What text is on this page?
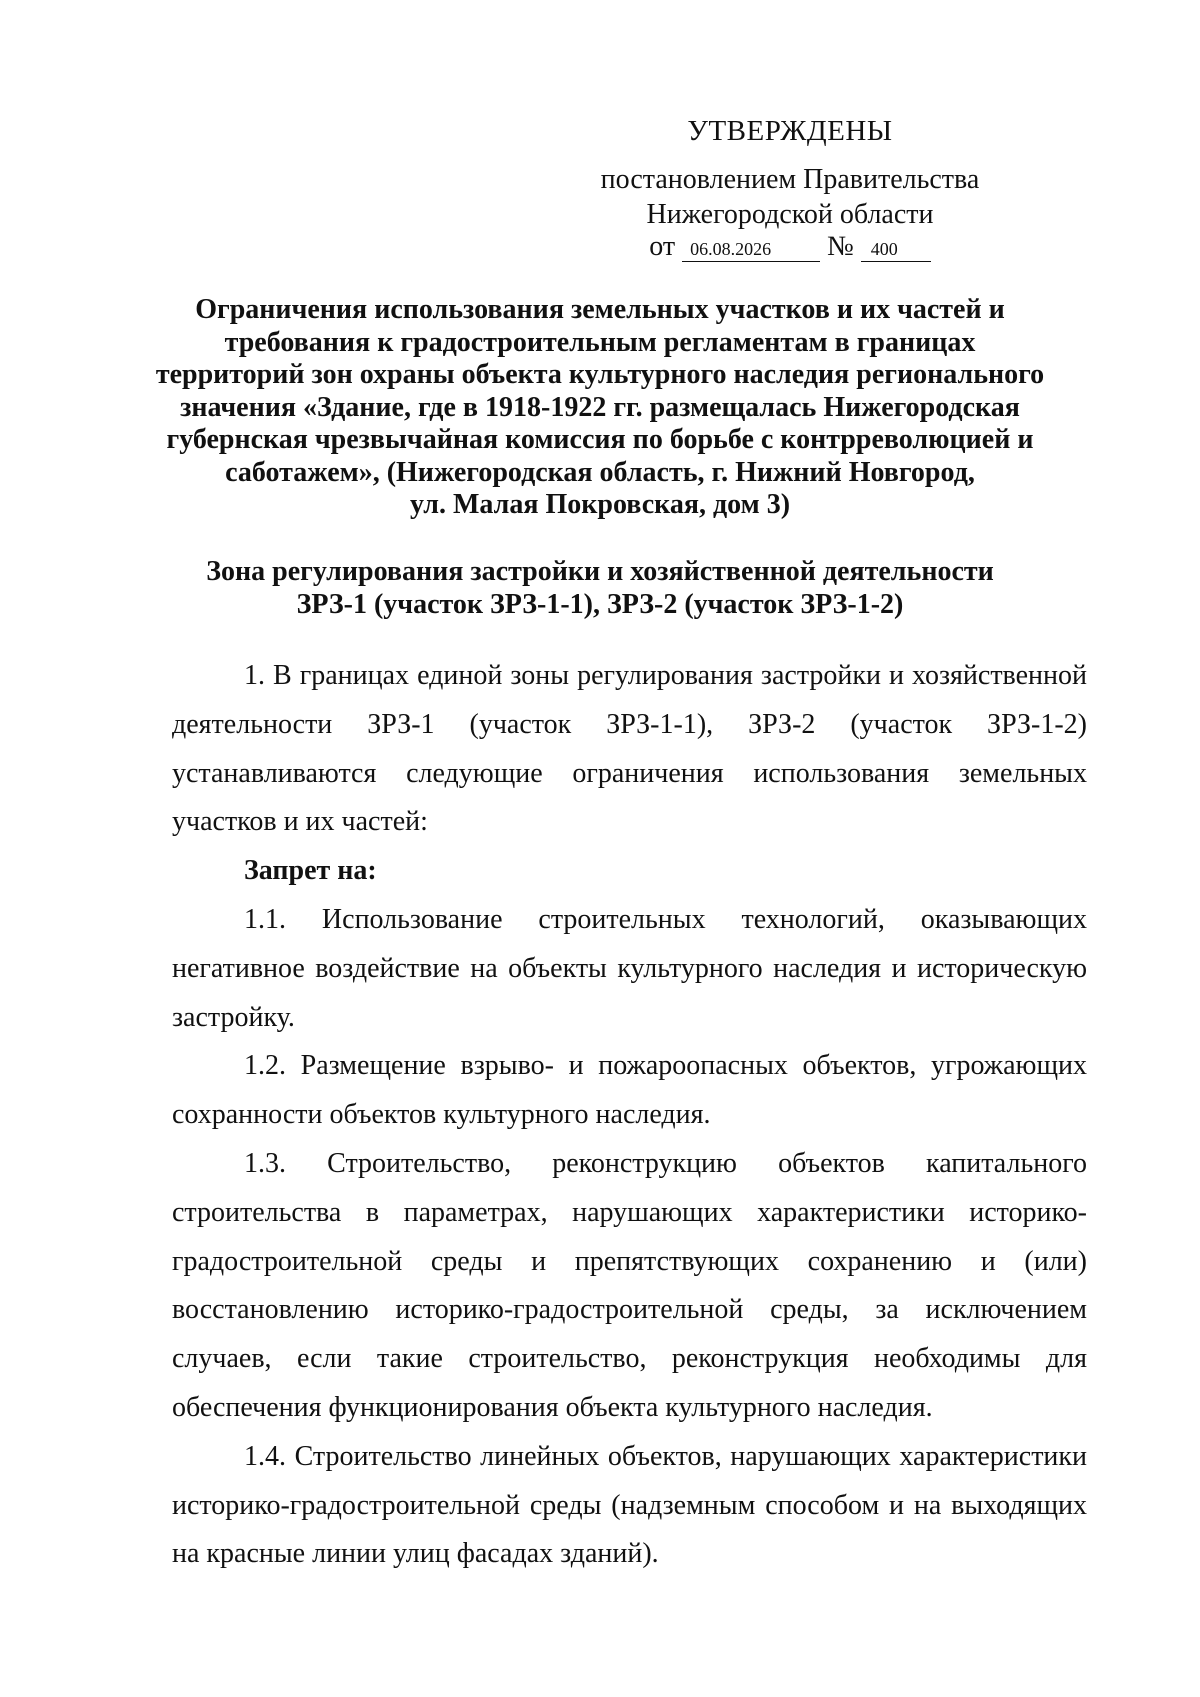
УТВЕРЖДЕНЫ
постановлением Правительства
Нижегородской области
от 06.08.2026 № 400
Ограничения использования земельных участков и их частей и
требования к градостроительным регламентам в границах
территорий зон охраны объекта культурного наследия регионального
значения «Здание, где в 1918-1922 гг. размещалась Нижегородская
губернская чрезвычайная комиссия по борьбе с контрреволюцией и
саботажем», (Нижегородская область, г. Нижний Новгород,
ул. Малая Покровская, дом 3)
Зона регулирования застройки и хозяйственной деятельности
ЗРЗ-1 (участок ЗРЗ-1-1), ЗРЗ-2 (участок ЗРЗ-1-2)

1. В границах единой зоны регулирования застройки и хозяйственной деятельности ЗРЗ-1 (участок ЗРЗ-1-1), ЗРЗ-2 (участок ЗРЗ-1-2) устанавливаются следующие ограничения использования земельных участков и их частей:

Запрет на:

1.1. Использование строительных технологий, оказывающих негативное воздействие на объекты культурного наследия и историческую застройку.

1.2. Размещение взрыво- и пожароопасных объектов, угрожающих сохранности объектов культурного наследия.

1.3. Строительство, реконструкцию объектов капитального строительства в параметрах, нарушающих характеристики историко-градостроительной среды и препятствующих сохранению и (или) восстановлению историко-градостроительной среды, за исключением случаев, если такие строительство, реконструкция необходимы для обеспечения функционирования объекта культурного наследия.

1.4. Строительство линейных объектов, нарушающих характеристики историко-градостроительной среды (надземным способом и на выходящих на красные линии улиц фасадах зданий).
